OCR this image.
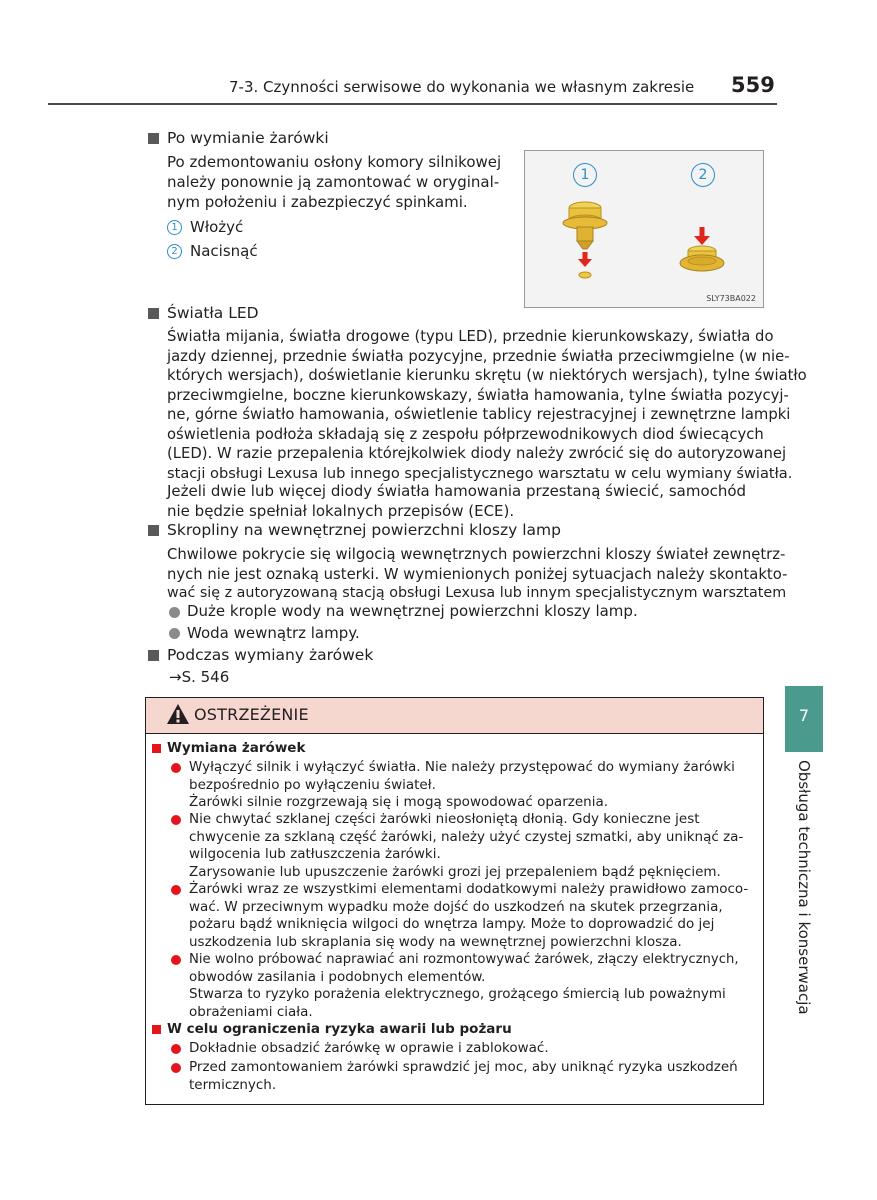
7-3. Czynności serwisowe do wykonania we własnym zakresie 559
Po wymianie żarówki
Po zdemontowaniu osłony komory silnikowej
należy ponownie ją zamontować w oryginal-
nym położeniu i zabezpieczyć spinkami.
1 Włożyć
2 Nacisnąć
1	2
SLY73BA022
Światła LED
Światła mijania, światła drogowe (typu LED), przednie kierunkowskazy, światła do
jazdy dziennej, przednie światła pozycyjne, przednie światła przeciwmgielne (w nie-
których wersjach), doświetlanie kierunku skrętu (w niektórych wersjach), tylne światło
przeciwmgielne, boczne kierunkowskazy, światła hamowania, tylne światła pozycyj-
ne, górne światło hamowania, oświetlenie tablicy rejestracyjnej i zewnętrzne lampki
oświetlenia podłoża składają się z zespołu półprzewodnikowych diod świecących
(LED). W razie przepalenia którejkolwiek diody należy zwrócić się do autoryzowanej
stacji obsługi Lexusa lub innego specjalistycznego warsztatu w celu wymiany światła.
Jeżeli dwie lub więcej diody światła hamowania przestaną świecić, samochód
nie będzie spełniał lokalnych przepisów (ECE).
Skropliny na wewnętrznej powierzchni kloszy lamp
Chwilowe pokrycie się wilgocią wewnętrznych powierzchni kloszy świateł zewnętrz-
nych nie jest oznaką usterki. W wymienionych poniżej sytuacjach należy skontakto-
wać się z autoryzowaną stacją obsługi Lexusa lub innym specjalistycznym warsztatem
Duże krople wody na wewnętrznej powierzchni kloszy lamp.
Woda wewnątrz lampy.
Podczas wymiany żarówek
→S. 546
OSTRZEŻENIE
Wymiana żarówek
Wyłączyć silnik i wyłączyć światła. Nie należy przystępować do wymiany żarówki
bezpośrednio po wyłączeniu świateł.
Żarówki silnie rozgrzewają się i mogą spowodować oparzenia.
Nie chwytać szklanej części żarówki nieosłoniętą dłonią. Gdy konieczne jest
chwycenie za szklaną część żarówki, należy użyć czystej szmatki, aby uniknąć za-
wilgocenia lub zatłuszczenia żarówki.
Zarysowanie lub upuszczenie żarówki grozi jej przepaleniem bądź pęknięciem.
Żarówki wraz ze wszystkimi elementami dodatkowymi należy prawidłowo zamoco-
wać. W przeciwnym wypadku może dojść do uszkodzeń na skutek przegrzania,
pożaru bądź wniknięcia wilgoci do wnętrza lampy. Może to doprowadzić do jej
uszkodzenia lub skraplania się wody na wewnętrznej powierzchni klosza.
Nie wolno próbować naprawiać ani rozmontowywać żarówek, złączy elektrycznych,
obwodów zasilania i podobnych elementów.
Stwarza to ryzyko porażenia elektrycznego, grożącego śmiercią lub poważnymi
obrażeniami ciała.
W celu ograniczenia ryzyka awarii lub pożaru
Dokładnie obsadzić żarówkę w oprawie i zablokować.
Przed zamontowaniem żarówki sprawdzić jej moc, aby uniknąć ryzyka uszkodzeń
termicznych.
7
Obsługa techniczna i konserwacja
